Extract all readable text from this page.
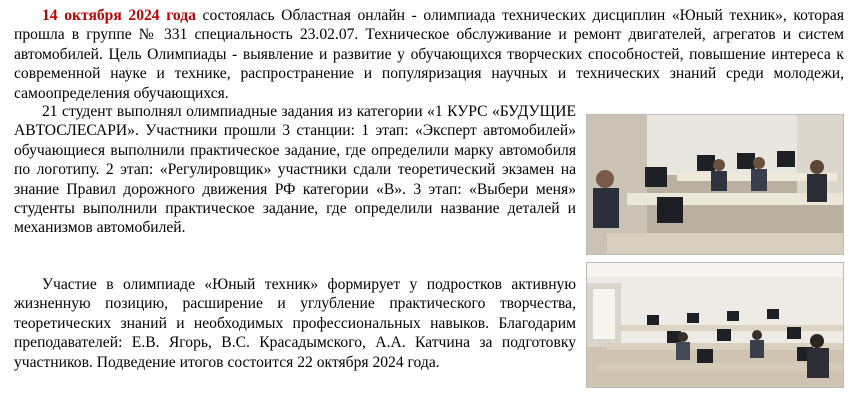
14 октября 2024 года состоялась Областная онлайн - олимпиада технических дисциплин «Юный техник», которая прошла в группе № 331 специальность 23.02.07. Техническое обслуживание и ремонт двигателей, агрегатов и систем автомобилей. Цель Олимпиады - выявление и развитие у обучающихся творческих способностей, повышение интереса к современной науке и технике, распространение и популяризация научных и технических знаний среди молодежи, самоопределения обучающихся.

21 студент выполнял олимпиадные задания из категории «1 КУРС «БУДУЩИЕ АВТОСЛЕСАРИ». Участники прошли 3 станции: 1 этап: «Эксперт автомобилей» обучающиеся выполнили практическое задание, где определили марку автомобиля по логотипу. 2 этап: «Регулировщик» участники сдали теоретический экзамен на знание Правил дорожного движения РФ категории «В». 3 этап: «Выбери меня» студенты выполнили практическое задание, где определили название деталей и механизмов автомобилей.

Участие в олимпиаде «Юный техник» формирует у подростков активную жизненную позицию, расширение и углубление практического творчества, теоретических знаний и необходимых профессиональных навыков. Благодарим преподавателей: Е.В. Ягорь, В.С. Красадымского, А.А. Катчина за подготовку участников. Подведение итогов состоится 22 октября 2024 года.
